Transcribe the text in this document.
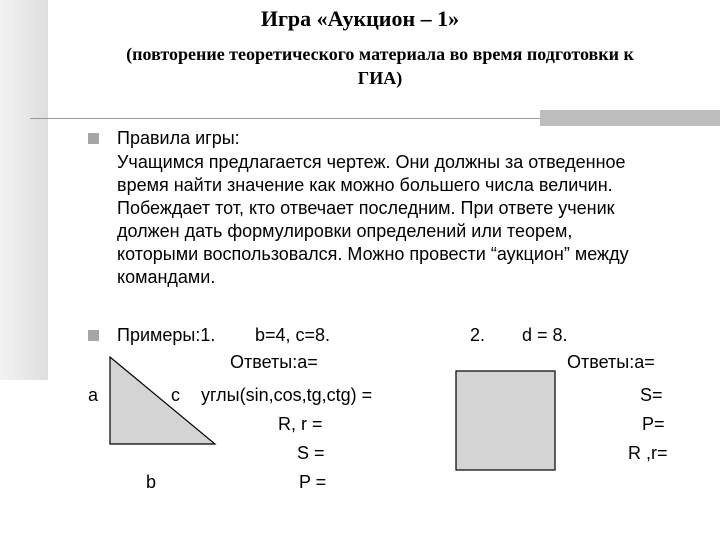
Игра «Аукцион – 1»
(повторение теоретического материала во время подготовки к
ГИА)
Правила игры:
Учащимся предлагается чертеж. Они должны за отведенное
время найти значение как можно большего числа величин.
Побеждает тот, кто отвечает последним. При ответе ученик
должен дать формулировки определений или теорем,
которыми воспользовался. Можно провести “аукцион” между
командами.
Примеры:1. b=4, c=8.
Ответы:а=
а	c углы(sin,cos,tg,ctg) =
R, r =
S =
b	P =
2. d = 8.
Ответы:а=
S=
P=
R ,r=
